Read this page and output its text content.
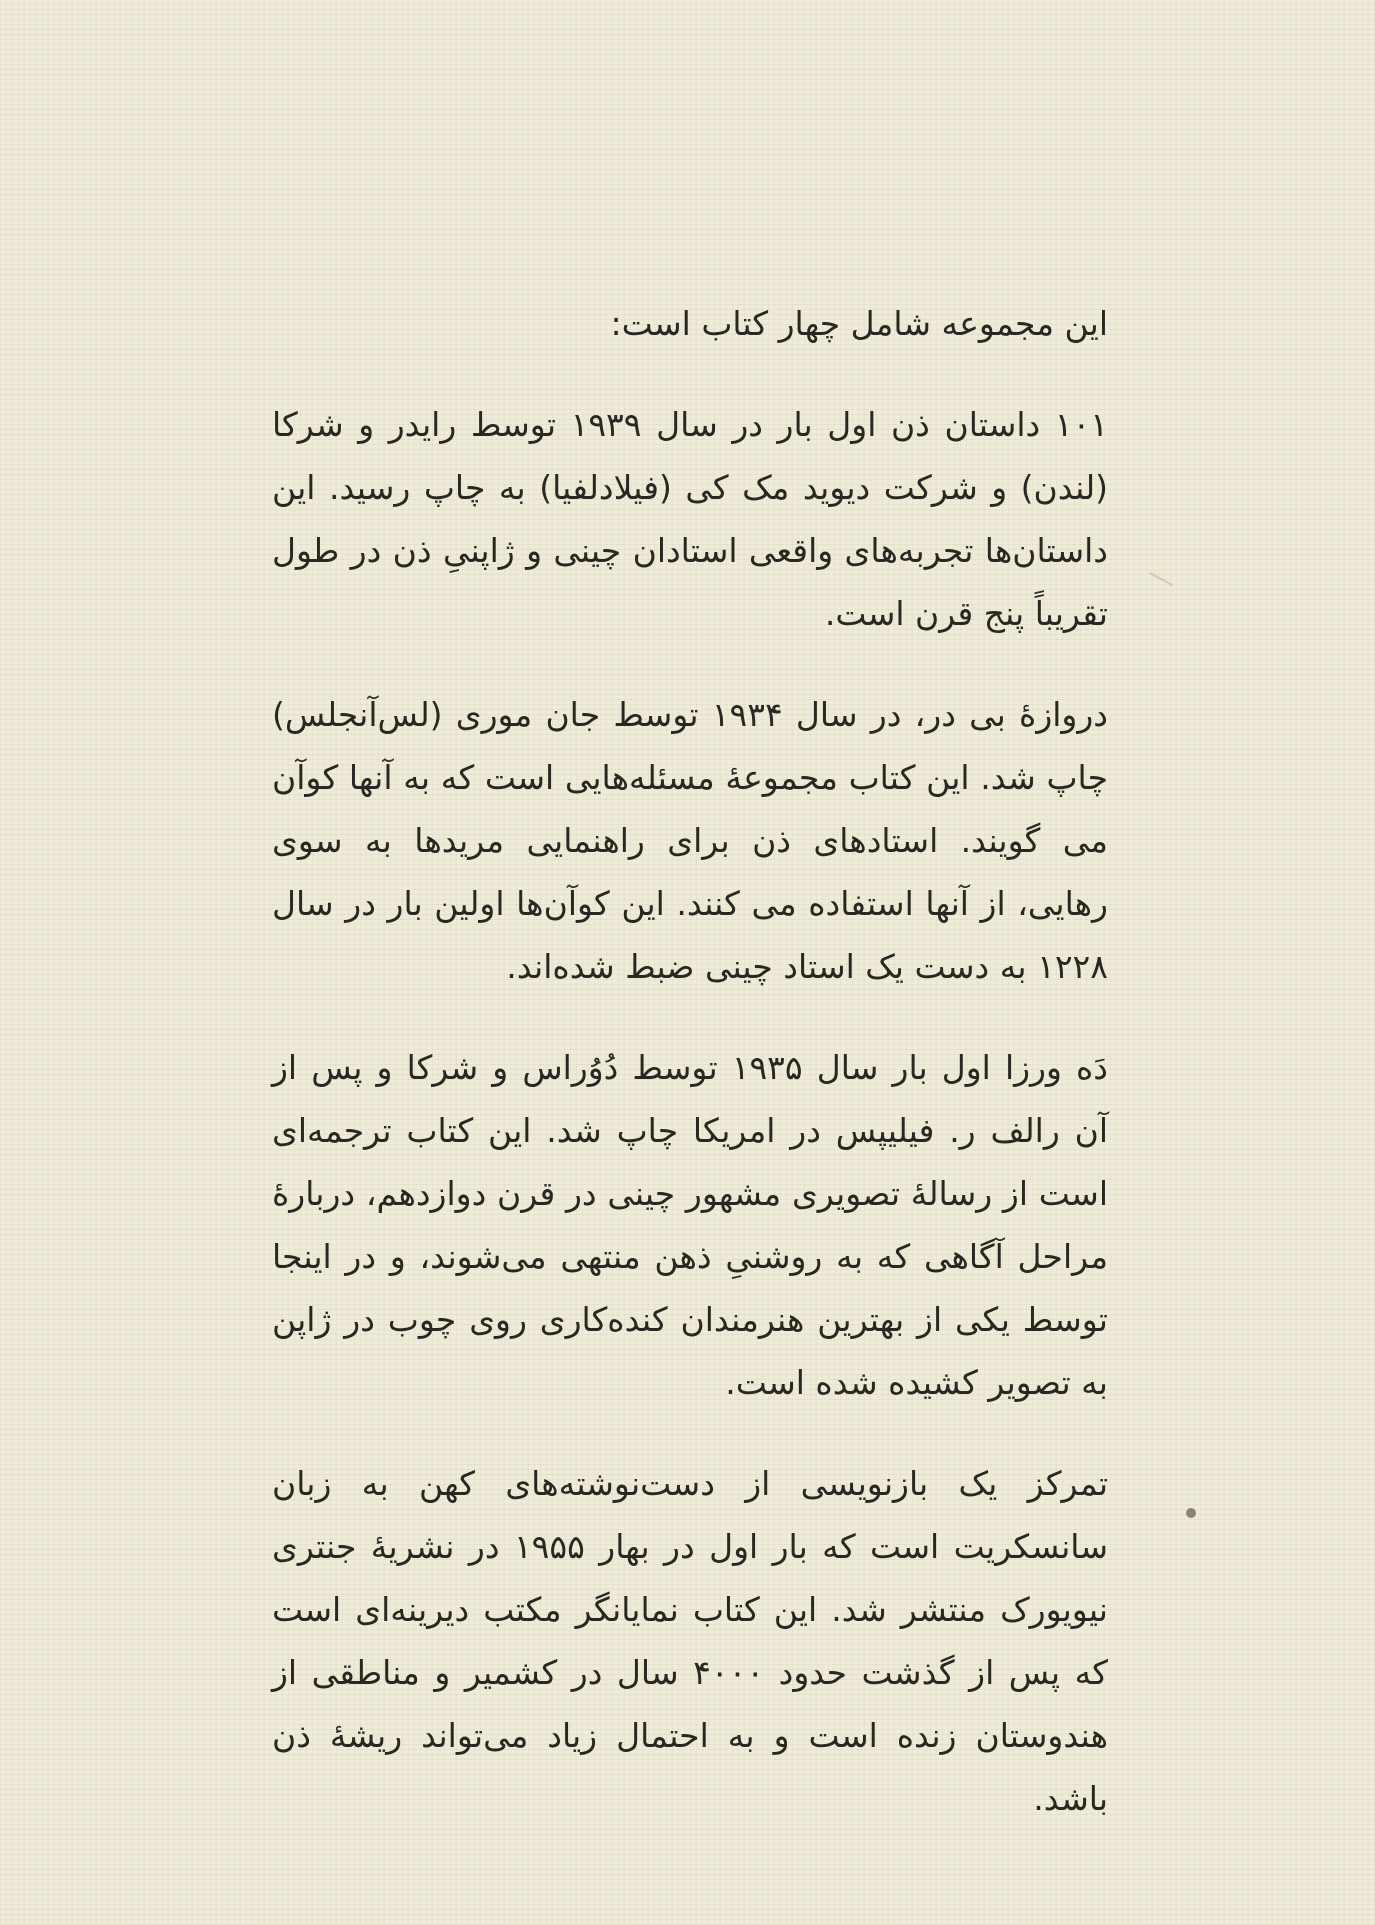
این مجموعه شامل چهار کتاب است:

۱۰۱ داستان ذن اول بار در سال ۱۹۳۹ توسط رایدر و شرکا (لندن) و شرکت دیوید مک کی (فیلادلفیا) به چاپ رسید. این داستان‌ها تجربه‌های واقعی استادان چینی و ژاپنیِ ذن در طول تقریباً پنج قرن است.

دروازهٔ بی در، در سال ۱۹۳۴ توسط جان موری (لس‌آنجلس) چاپ شد. این کتاب مجموعهٔ مسئله‌هایی است که به آنها کوآن می گویند. استادهای ذن برای راهنمایی مریدها به سوی رهایی، از آنها استفاده می کنند. این کوآن‌ها اولین بار در سال ۱۲۲۸ به دست یک استاد چینی ضبط شده‌اند.

دَه ورزا اول بار سال ۱۹۳۵ توسط دُوُراس و شرکا و پس از آن رالف ر. فیلیپس در امریکا چاپ شد. این کتاب ترجمه‌ای است از رسالهٔ تصویری مشهور چینی در قرن دوازدهم، دربارهٔ مراحل آگاهی که به روشنیِ ذهن منتهی می‌شوند، و در اینجا توسط یکی از بهترین هنرمندان کنده‌کاری روی چوب در ژاپن به تصویر کشیده شده است.

تمرکز یک بازنویسی از دست‌نوشته‌های کهن به زبان سانسکریت است که بار اول در بهار ۱۹۵۵ در نشریهٔ جنتری نیویورک منتشر شد. این کتاب نمایانگر مکتب دیرینه‌ای است که پس از گذشت حدود ۴۰۰۰ سال در کشمیر و مناطقی از هندوستان زنده است و به احتمال زیاد می‌تواند ریشهٔ ذن باشد.
